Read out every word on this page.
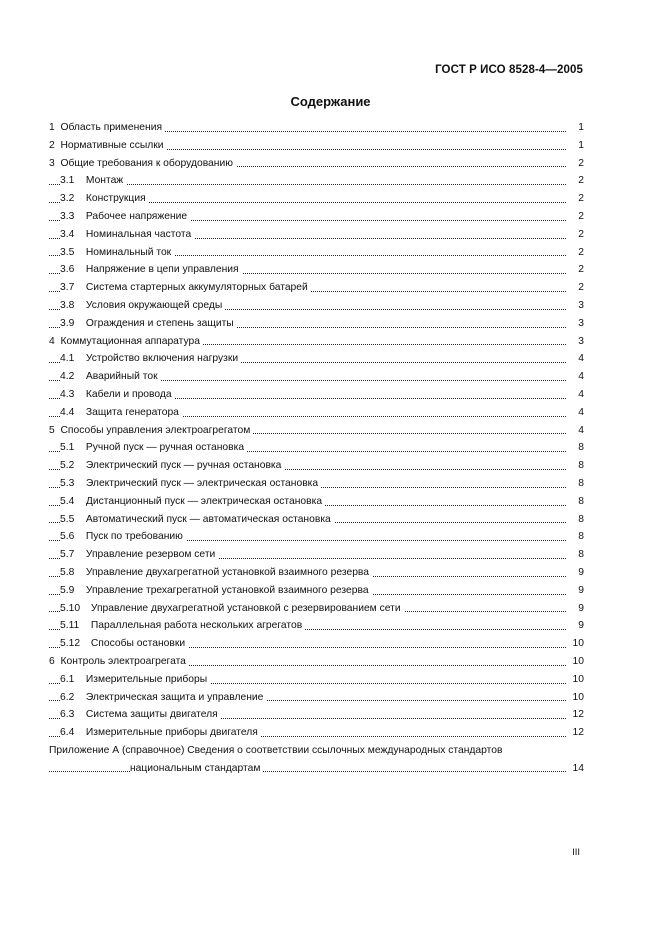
ГОСТ Р ИСО 8528-4—2005
Содержание
1 Область применения	1
2 Нормативные ссылки	1
3 Общие требования к оборудованию	2
3.1 Монтаж	2
3.2 Конструкция	2
3.3 Рабочее напряжение	2
3.4 Номинальная частота	2
3.5 Номинальный ток	2
3.6 Напряжение в цепи управления	2
3.7 Система стартерных аккумуляторных батарей	2
3.8 Условия окружающей среды	3
3.9 Ограждения и степень защиты	3
4 Коммутационная аппаратура	3
4.1 Устройство включения нагрузки	4
4.2 Аварийный ток	4
4.3 Кабели и провода	4
4.4 Защита генератора	4
5 Способы управления электроагрегатом	4
5.1 Ручной пуск — ручная остановка	8
5.2 Электрический пуск — ручная остановка	8
5.3 Электрический пуск — электрическая остановка	8
5.4 Дистанционный пуск — электрическая остановка	8
5.5 Автоматический пуск — автоматическая остановка	8
5.6 Пуск по требованию	8
5.7 Управление резервом сети	8
5.8 Управление двухагрегатной установкой взаимного резерва	9
5.9 Управление трехагрегатной установкой взаимного резерва	9
5.10 Управление двухагрегатной установкой с резервированием сети	9
5.11 Параллельная работа нескольких агрегатов	9
5.12 Способы остановки	10
6 Контроль электроагрегата	10
6.1 Измерительные приборы	10
6.2 Электрическая защита и управление	10
6.3 Система защиты двигателя	12
6.4 Измерительные приборы двигателя	12
Приложение А (справочное) Сведения о соответствии ссылочных международных стандартов
национальным стандартам	14
III
